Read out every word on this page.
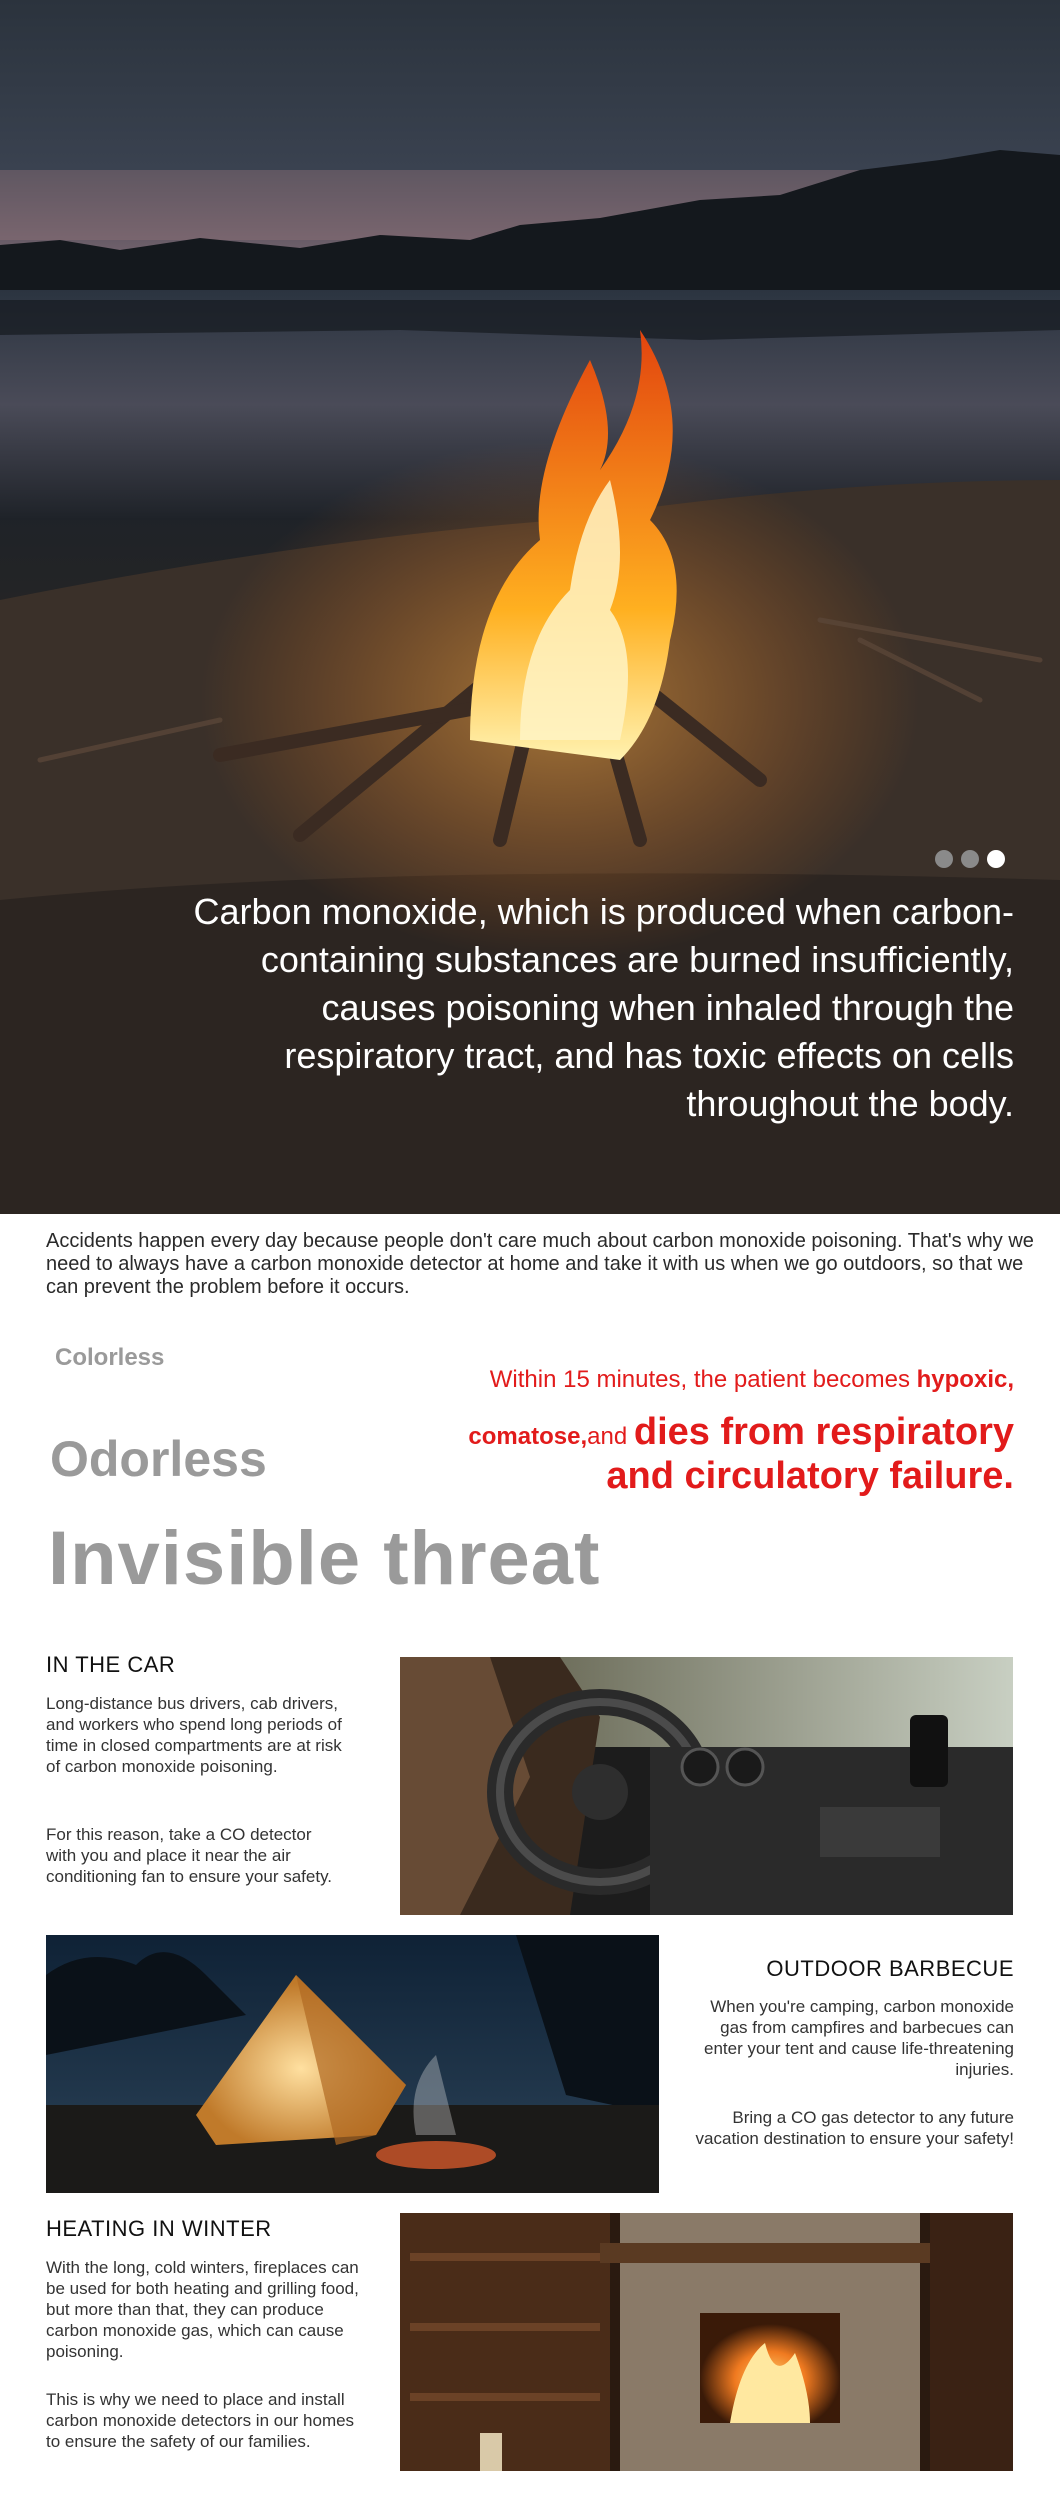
Carbon monoxide, which is produced when carbon-containing substances are burned insufficiently, causes poisoning when inhaled through the respiratory tract, and has toxic effects on cells throughout the body.

Accidents happen every day because people don't care much about carbon monoxide poisoning. That's why we need to always have a carbon monoxide detector at home and take it with us when we go outdoors, so that we can prevent the problem before it occurs.

Colorless
Odorless
Invisible threat
Within 15 minutes, the patient becomes hypoxic,
comatose,and dies from respiratory
and circulatory failure.
IN THE CAR

Long-distance bus drivers, cab drivers, and workers who spend long periods of time in closed compartments are at risk of carbon monoxide poisoning.

For this reason, take a CO detector with you and place it near the air conditioning fan to ensure your safety.

OUTDOOR BARBECUE

When you're camping, carbon monoxide gas from campfires and barbecues can enter your tent and cause life-threatening injuries.

Bring a CO gas detector to any future vacation destination to ensure your safety!

HEATING IN WINTER

With the long, cold winters, fireplaces can be used for both heating and grilling food, but more than that, they can produce carbon monoxide gas, which can cause poisoning.

This is why we need to place and install carbon monoxide detectors in our homes to ensure the safety of our families.
